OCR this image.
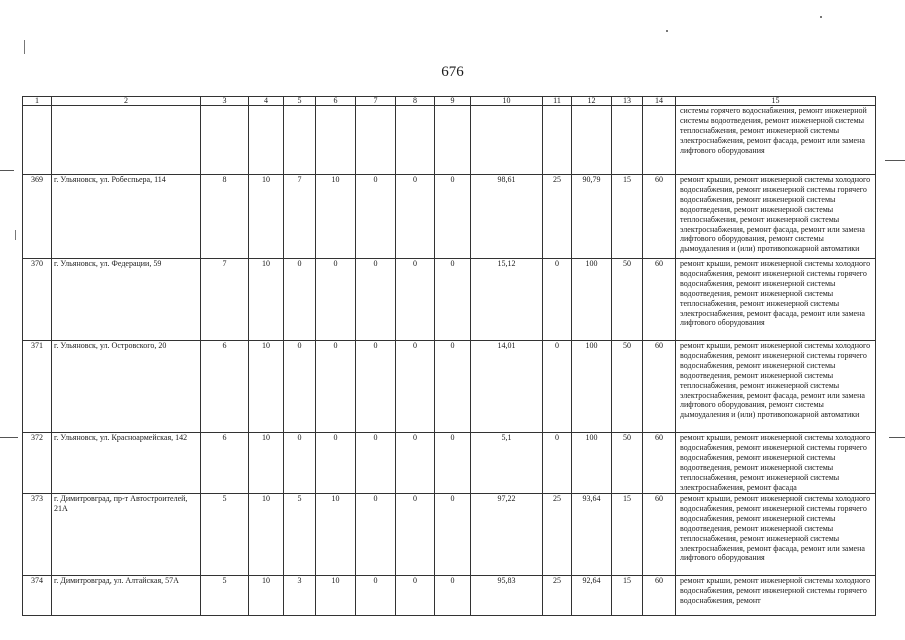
676
1	2	3	4	5	6	7	8	9	10	11	12	13	14	15
														системы горячего водоснабжения, ремонт инженерной системы водоотведения, ремонт инженерной системы теплоснабжения, ремонт инженерной системы электроснабжения, ремонт фасада, ремонт или замена лифтового оборудования
369	г. Ульяновск, ул. Робеспьера, 114	8	10	7	10	0	0	0	98,61	25	90,79	15	60	ремонт крыши, ремонт инженерной системы холодного водоснабжения, ремонт инженерной системы горячего водоснабжения, ремонт инженерной системы водоотведения, ремонт инженерной системы теплоснабжения, ремонт инженерной системы электроснабжения, ремонт фасада, ремонт или замена лифтового оборудования, ремонт системы дымоудаления и (или) противопожарной автоматики
370	г. Ульяновск, ул. Федерации, 59	7	10	0	0	0	0	0	15,12	0	100	50	60	ремонт крыши, ремонт инженерной системы холодного водоснабжения, ремонт инженерной системы горячего водоснабжения, ремонт инженерной системы водоотведения, ремонт инженерной системы теплоснабжения, ремонт инженерной системы электроснабжения, ремонт фасада, ремонт или замена лифтового оборудования
371	г. Ульяновск, ул. Островского, 20	6	10	0	0	0	0	0	14,01	0	100	50	60	ремонт крыши, ремонт инженерной системы холодного водоснабжения, ремонт инженерной системы горячего водоснабжения, ремонт инженерной системы водоотведения, ремонт инженерной системы теплоснабжения, ремонт инженерной системы электроснабжения, ремонт фасада, ремонт или замена лифтового оборудования, ремонт системы дымоудаления и (или) противопожарной автоматики
372	г. Ульяновск, ул. Красноармейская, 142	6	10	0	0	0	0	0	5,1	0	100	50	60	ремонт крыши, ремонт инженерной системы холодного водоснабжения, ремонт инженерной системы горячего водоснабжения, ремонт инженерной системы водоотведения, ремонт инженерной системы теплоснабжения, ремонт инженерной системы электроснабжения, ремонт фасада
373	г. Димитровград, пр-т Автостроителей, 21А	5	10	5	10	0	0	0	97,22	25	93,64	15	60	ремонт крыши, ремонт инженерной системы холодного водоснабжения, ремонт инженерной системы горячего водоснабжения, ремонт инженерной системы водоотведения, ремонт инженерной системы теплоснабжения, ремонт инженерной системы электроснабжения, ремонт фасада, ремонт или замена лифтового оборудования
374	г. Димитровград, ул. Алтайская, 57А	5	10	3	10	0	0	0	95,83	25	92,64	15	60	ремонт крыши, ремонт инженерной системы холодного водоснабжения, ремонт инженерной системы горячего водоснабжения, ремонт
